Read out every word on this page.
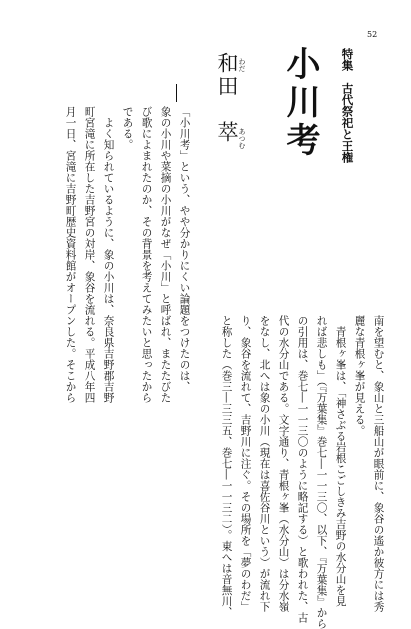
52
特集　古代祭祀と王権
小川考
わだ
あつむ
和田　萃
「小川考」という、やや分かりにくい論題をつけたのは、
象の小川や菜摘の小川がなぜ「小川」と呼ばれ、またたびた
び歌によまれたのか、その背景を考えてみたいと思ったから
である。
　よく知られているように、象の小川は、奈良県吉野郡吉野
町宮滝に所在した吉野宮の対岸、象谷を流れる。平成八年四
月一日、宮滝に吉野町歴史資料館がオープンした。そこから
南を望むと、象山と三船山が眼前に、象谷の遙か彼方には秀
麗な青根ヶ峯が見える。
　青根ヶ峯は、「神さぶる岩根こごしきみ吉野の水分山を見
れば悲しも」（『万葉集』巻七―一一三〇、以下、『万葉集』から
の引用は、巻七―一一三〇のように略記する）と歌われた、古
代の水分山である。文字通り、青根ヶ峯（水分山）は分水嶺
をなし、北へは象の小川（現在は喜佐谷川という）が流れ下
り、象谷を流れて、吉野川に注ぐ。その場所を「夢のわだ」
と称した（巻三―三三五、巻七―一一三二）。東へは音無川、
